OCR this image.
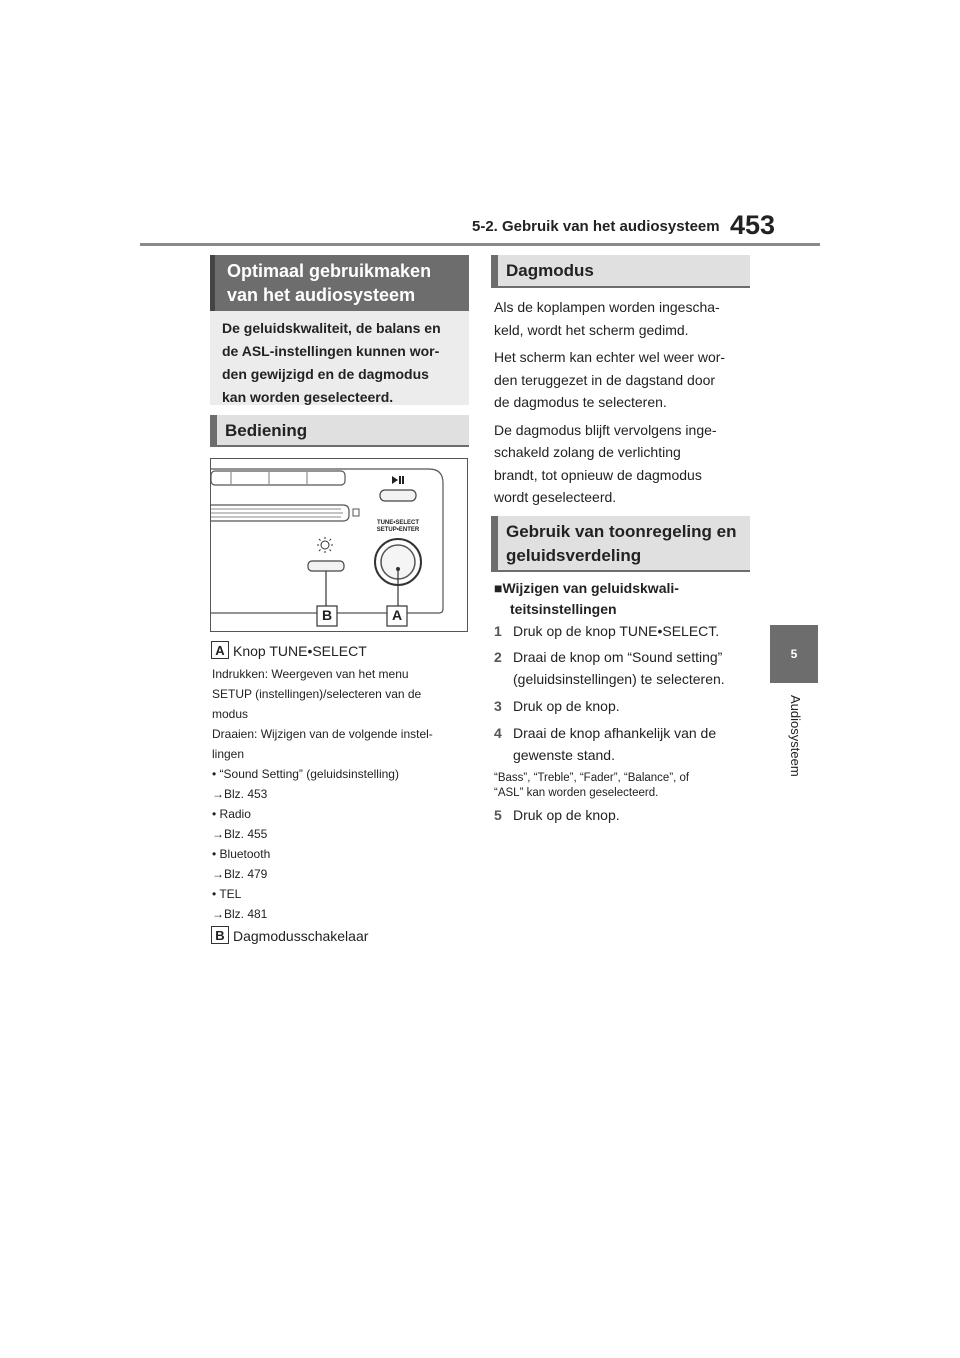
5-2. Gebruik van het audiosysteem 453
5
Audiosysteem
Optimaal gebruikmaken
van het audiosysteem
De geluidskwaliteit, de balans en
de ASL-instellingen kunnen wor-
den gewijzigd en de dagmodus
kan worden geselecteerd.
Bediening
TUNE•SELECT
SETUP•ENTER
B	A
A Knop TUNE•SELECT
Indrukken: Weergeven van het menu
SETUP (instellingen)/selecteren van de
modus
Draaien: Wijzigen van de volgende instel-
lingen
• “Sound Setting” (geluidsinstelling)
→Blz. 453
• Radio
→Blz. 455
• Bluetooth
→Blz. 479
• TEL
→Blz. 481
B Dagmodusschakelaar
Dagmodus
Als de koplampen worden ingescha-
keld, wordt het scherm gedimd.
Het scherm kan echter wel weer wor-
den teruggezet in de dagstand door
de dagmodus te selecteren.
De dagmodus blijft vervolgens inge-
schakeld zolang de verlichting
brandt, tot opnieuw de dagmodus
wordt geselecteerd.
Gebruik van toonregeling en
geluidsverdeling
■Wijzigen van geluidskwali-
teitsinstellingen
1 Druk op de knop TUNE•SELECT.
2 Draai de knop om “Sound setting”
(geluidsinstellingen) te selecteren.
3 Druk op de knop.
4 Draai de knop afhankelijk van de
gewenste stand.
“Bass”, “Treble”, “Fader”, “Balance”, of
“ASL” kan worden geselecteerd.
5 Druk op de knop.
